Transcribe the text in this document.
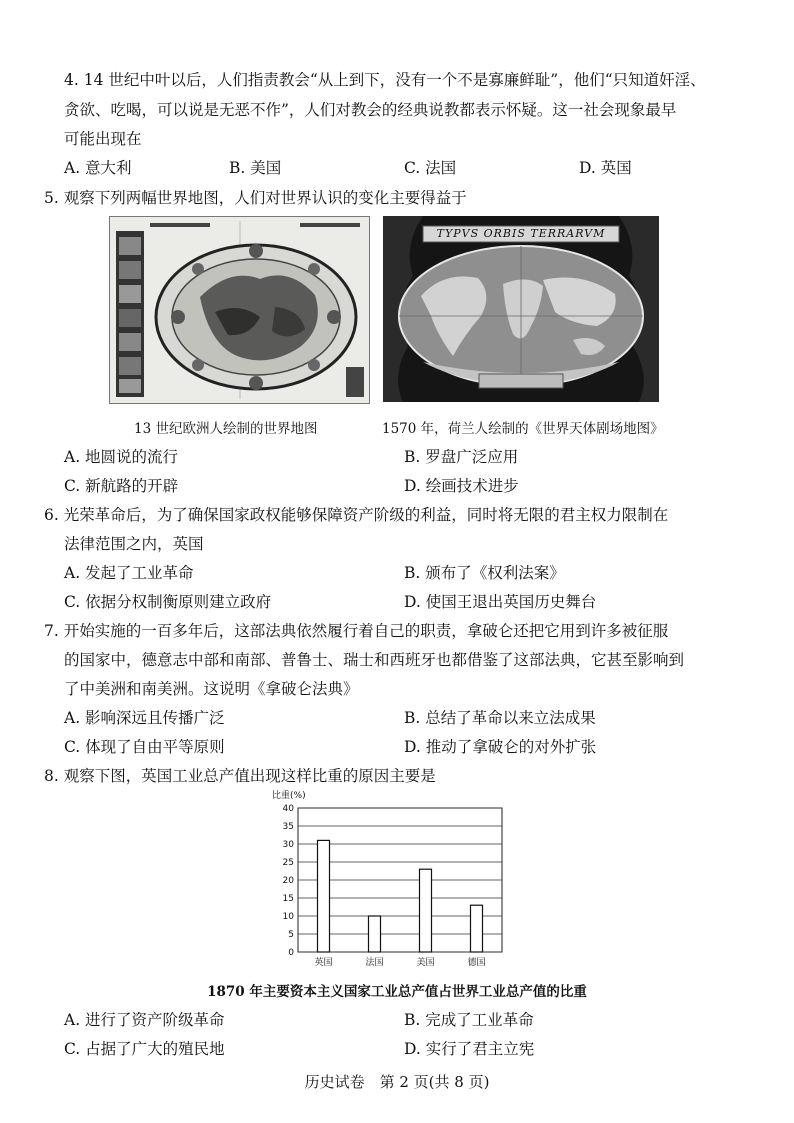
4. 14 世纪中叶以后，人们指责教会“从上到下，没有一个不是寡廉鲜耻”，他们“只知道奸淫、
贪欲、吃喝，可以说是无恶不作”，人们对教会的经典说教都表示怀疑。这一社会现象最早
可能出现在
A. 意大利	B. 美国	C. 法国	D. 英国
5. 观察下列两幅世界地图，人们对世界认识的变化主要得益于
TYPVS ORBIS TERRARVM
13 世纪欧洲人绘制的世界地图	1570 年，荷兰人绘制的《世界天体剧场地图》
A. 地圆说的流行	B. 罗盘广泛应用
C. 新航路的开辟	D. 绘画技术进步
6. 光荣革命后，为了确保国家政权能够保障资产阶级的利益，同时将无限的君主权力限制在
法律范围之内，英国
A. 发起了工业革命	B. 颁布了《权利法案》
C. 依据分权制衡原则建立政府	D. 使国王退出英国历史舞台
7. 开始实施的一百多年后，这部法典依然履行着自己的职责，拿破仑还把它用到许多被征服
的国家中，德意志中部和南部、普鲁士、瑞士和西班牙也都借鉴了这部法典，它甚至影响到
了中美洲和南美洲。这说明《拿破仑法典》
A. 影响深远且传播广泛	B. 总结了革命以来立法成果
C. 体现了自由平等原则	D. 推动了拿破仑的对外扩张
8. 观察下图，英国工业总产值出现这样比重的原因主要是
0
5
10
15
20
25
30
35
40
英国	法国	美国	德国
比重(%)
1870 年主要资本主义国家工业总产值占世界工业总产值的比重
A. 进行了资产阶级革命	B. 完成了工业革命
C. 占据了广大的殖民地	D. 实行了君主立宪
历史试卷　第 2 页(共 8 页)
